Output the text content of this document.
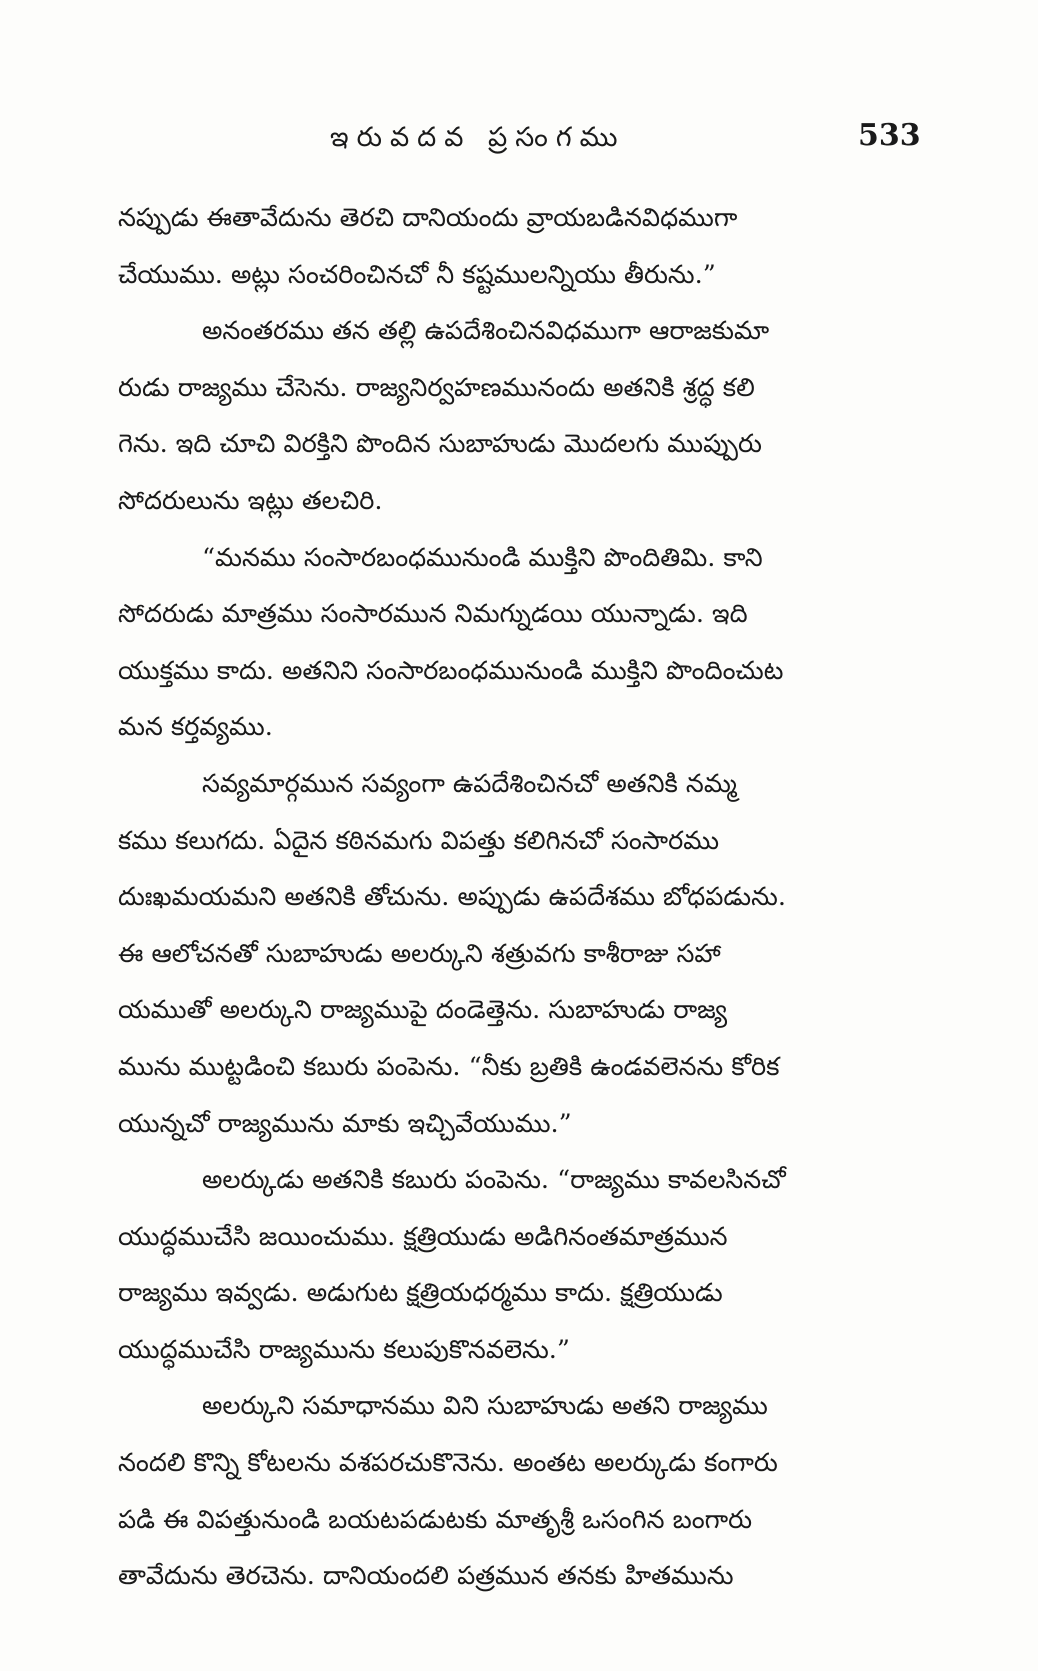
ఇరువదవ ప్రసంగము	533
నప్పుడు ఈతావేదును తెరచి దానియందు వ్రాయబడినవిధముగా
చేయుము. అట్లు సంచరించినచో నీ కష్టములన్నియు తీరును.”
అనంతరము తన తల్లి ఉపదేశించినవిధముగా ఆరాజకుమా
రుడు రాజ్యము చేసెను. రాజ్యనిర్వహణమునందు అతనికి శ్రద్ధ కలి
గెను. ఇది చూచి విరక్తిని పొందిన సుబాహుడు మొదలగు ముప్పురు
సోదరులును ఇట్లు తలచిరి.
“మనము సంసారబంధమునుండి ముక్తిని పొందితిమి. కాని
సోదరుడు మాత్రము సంసారమున నిమగ్నుడయి యున్నాడు. ఇది
యుక్తము కాదు. అతనిని సంసారబంధమునుండి ముక్తిని పొందించుట
మన కర్తవ్యము.
సవ్యమార్గమున సవ్యంగా ఉపదేశించినచో అతనికి నమ్మ
కము కలుగదు. ఏదైన కఠినమగు విపత్తు కలిగినచో సంసారము
దుఃఖమయమని అతనికి తోచును. అప్పుడు ఉపదేశము బోధపడును.
ఈ ఆలోచనతో సుబాహుడు అలర్కుని శత్రువగు కాశీరాజు సహా
యముతో అలర్కుని రాజ్యముపై దండెత్తెను. సుబాహుడు రాజ్య
మును ముట్టడించి కబురు పంపెను. “నీకు బ్రతికి ఉండవలెనను కోరిక
యున్నచో రాజ్యమును మాకు ఇచ్చివేయుము.”
అలర్కుడు అతనికి కబురు పంపెను. “రాజ్యము కావలసినచో
యుద్ధముచేసి జయించుము. క్షత్రియుడు అడిగినంతమాత్రమున
రాజ్యము ఇవ్వడు. అడుగుట క్షత్రియధర్మము కాదు. క్షత్రియుడు
యుద్ధముచేసి రాజ్యమును కలుపుకొనవలెను.”
అలర్కుని సమాధానము విని సుబాహుడు అతని రాజ్యము
నందలి కొన్ని కోటలను వశపరచుకొనెను. అంతట అలర్కుడు కంగారు
పడి ఈ విపత్తునుండి బయటపడుటకు మాతృశ్రీ ఒసంగిన బంగారు
తావేదును తెరచెను. దానియందలి పత్రమున తనకు హితమును
